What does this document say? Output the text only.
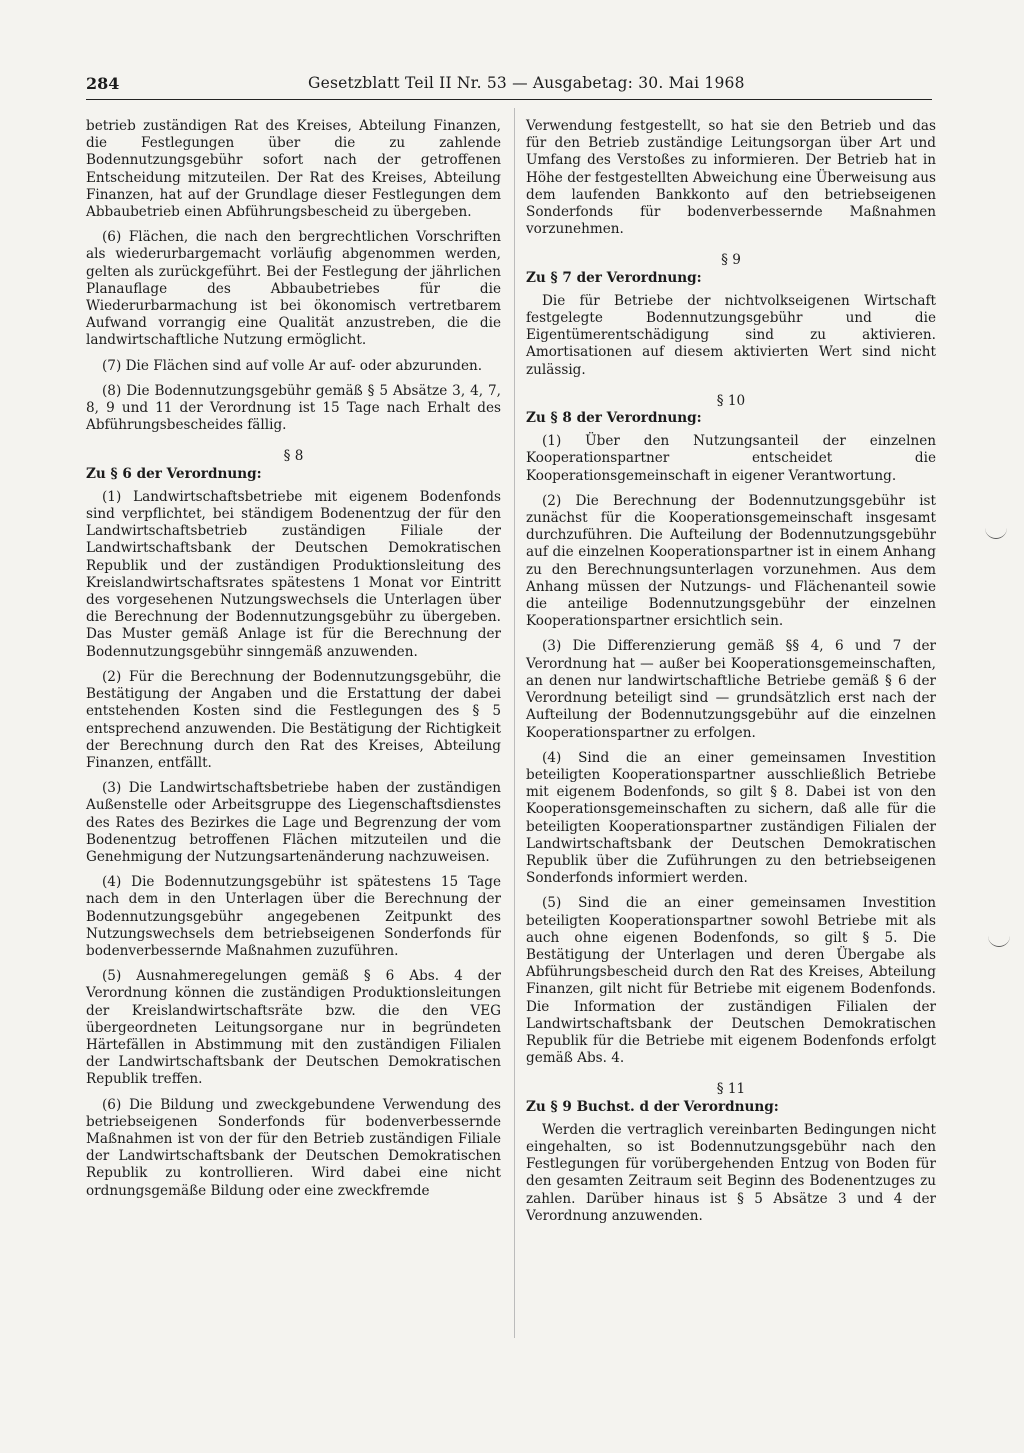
284	Gesetzblatt Teil II Nr. 53 — Ausgabetag: 30. Mai 1968

betrieb zuständigen Rat des Kreises, Abteilung Finanzen, die Festlegungen über die zu zahlende Bodennutzungsgebühr sofort nach der getroffenen Entscheidung mitzuteilen. Der Rat des Kreises, Abteilung Finanzen, hat auf der Grundlage dieser Festlegungen dem Abbaubetrieb einen Abführungsbescheid zu übergeben.

(6) Flächen, die nach den bergrechtlichen Vorschriften als wiederurbargemacht vorläufig abgenommen werden, gelten als zurückgeführt. Bei der Festlegung der jährlichen Planauflage des Abbaubetriebes für die Wiederurbarmachung ist bei ökonomisch vertretbarem Aufwand vorrangig eine Qualität anzustreben, die die landwirtschaftliche Nutzung ermöglicht.

(7) Die Flächen sind auf volle Ar auf- oder abzurunden.

(8) Die Bodennutzungsgebühr gemäß § 5 Absätze 3, 4, 7, 8, 9 und 11 der Verordnung ist 15 Tage nach Erhalt des Abführungsbescheides fällig.

§ 8
Zu § 6 der Verordnung:

(1) Landwirtschaftsbetriebe mit eigenem Bodenfonds sind verpflichtet, bei ständigem Bodenentzug der für den Landwirtschaftsbetrieb zuständigen Filiale der Landwirtschaftsbank der Deutschen Demokratischen Republik und der zuständigen Produktionsleitung des Kreislandwirtschaftsrates spätestens 1 Monat vor Eintritt des vorgesehenen Nutzungswechsels die Unterlagen über die Berechnung der Bodennutzungsgebühr zu übergeben. Das Muster gemäß Anlage ist für die Berechnung der Bodennutzungsgebühr sinngemäß anzuwenden.

(2) Für die Berechnung der Bodennutzungsgebühr, die Bestätigung der Angaben und die Erstattung der dabei entstehenden Kosten sind die Festlegungen des § 5 entsprechend anzuwenden. Die Bestätigung der Richtigkeit der Berechnung durch den Rat des Kreises, Abteilung Finanzen, entfällt.

(3) Die Landwirtschaftsbetriebe haben der zuständigen Außenstelle oder Arbeitsgruppe des Liegenschaftsdienstes des Rates des Bezirkes die Lage und Begrenzung der vom Bodenentzug betroffenen Flächen mitzuteilen und die Genehmigung der Nutzungsartenänderung nachzuweisen.

(4) Die Bodennutzungsgebühr ist spätestens 15 Tage nach dem in den Unterlagen über die Berechnung der Bodennutzungsgebühr angegebenen Zeitpunkt des Nutzungswechsels dem betriebseigenen Sonderfonds für bodenverbessernde Maßnahmen zuzuführen.

(5) Ausnahmeregelungen gemäß § 6 Abs. 4 der Verordnung können die zuständigen Produktionsleitungen der Kreislandwirtschaftsräte bzw. die den VEG übergeordneten Leitungsorgane nur in begründeten Härtefällen in Abstimmung mit den zuständigen Filialen der Landwirtschaftsbank der Deutschen Demokratischen Republik treffen.

(6) Die Bildung und zweckgebundene Verwendung des betriebseigenen Sonderfonds für bodenverbessernde Maßnahmen ist von der für den Betrieb zuständigen Filiale der Landwirtschaftsbank der Deutschen Demokratischen Republik zu kontrollieren. Wird dabei eine nicht ordnungsgemäße Bildung oder eine zweckfremde

Verwendung festgestellt, so hat sie den Betrieb und das für den Betrieb zuständige Leitungsorgan über Art und Umfang des Verstoßes zu informieren. Der Betrieb hat in Höhe der festgestellten Abweichung eine Überweisung aus dem laufenden Bankkonto auf den betriebseigenen Sonderfonds für bodenverbessernde Maßnahmen vorzunehmen.

§ 9
Zu § 7 der Verordnung:

Die für Betriebe der nichtvolkseigenen Wirtschaft festgelegte Bodennutzungsgebühr und die Eigentümerentschädigung sind zu aktivieren. Amortisationen auf diesem aktivierten Wert sind nicht zulässig.

§ 10
Zu § 8 der Verordnung:

(1) Über den Nutzungsanteil der einzelnen Kooperationspartner entscheidet die Kooperationsgemeinschaft in eigener Verantwortung.

(2) Die Berechnung der Bodennutzungsgebühr ist zunächst für die Kooperationsgemeinschaft insgesamt durchzuführen. Die Aufteilung der Bodennutzungsgebühr auf die einzelnen Kooperationspartner ist in einem Anhang zu den Berechnungsunterlagen vorzunehmen. Aus dem Anhang müssen der Nutzungs- und Flächenanteil sowie die anteilige Bodennutzungsgebühr der einzelnen Kooperationspartner ersichtlich sein.

(3) Die Differenzierung gemäß §§ 4, 6 und 7 der Verordnung hat — außer bei Kooperationsgemeinschaften, an denen nur landwirtschaftliche Betriebe gemäß § 6 der Verordnung beteiligt sind — grundsätzlich erst nach der Aufteilung der Bodennutzungsgebühr auf die einzelnen Kooperationspartner zu erfolgen.

(4) Sind die an einer gemeinsamen Investition beteiligten Kooperationspartner ausschließlich Betriebe mit eigenem Bodenfonds, so gilt § 8. Dabei ist von den Kooperationsgemeinschaften zu sichern, daß alle für die beteiligten Kooperationspartner zuständigen Filialen der Landwirtschaftsbank der Deutschen Demokratischen Republik über die Zuführungen zu den betriebseigenen Sonderfonds informiert werden.

(5) Sind die an einer gemeinsamen Investition beteiligten Kooperationspartner sowohl Betriebe mit als auch ohne eigenen Bodenfonds, so gilt § 5. Die Bestätigung der Unterlagen und deren Übergabe als Abführungsbescheid durch den Rat des Kreises, Abteilung Finanzen, gilt nicht für Betriebe mit eigenem Bodenfonds. Die Information der zuständigen Filialen der Landwirtschaftsbank der Deutschen Demokratischen Republik für die Betriebe mit eigenem Bodenfonds erfolgt gemäß Abs. 4.

§ 11
Zu § 9 Buchst. d der Verordnung:

Werden die vertraglich vereinbarten Bedingungen nicht eingehalten, so ist Bodennutzungsgebühr nach den Festlegungen für vorübergehenden Entzug von Boden für den gesamten Zeitraum seit Beginn des Bodenentzuges zu zahlen. Darüber hinaus ist § 5 Absätze 3 und 4 der Verordnung anzuwenden.
